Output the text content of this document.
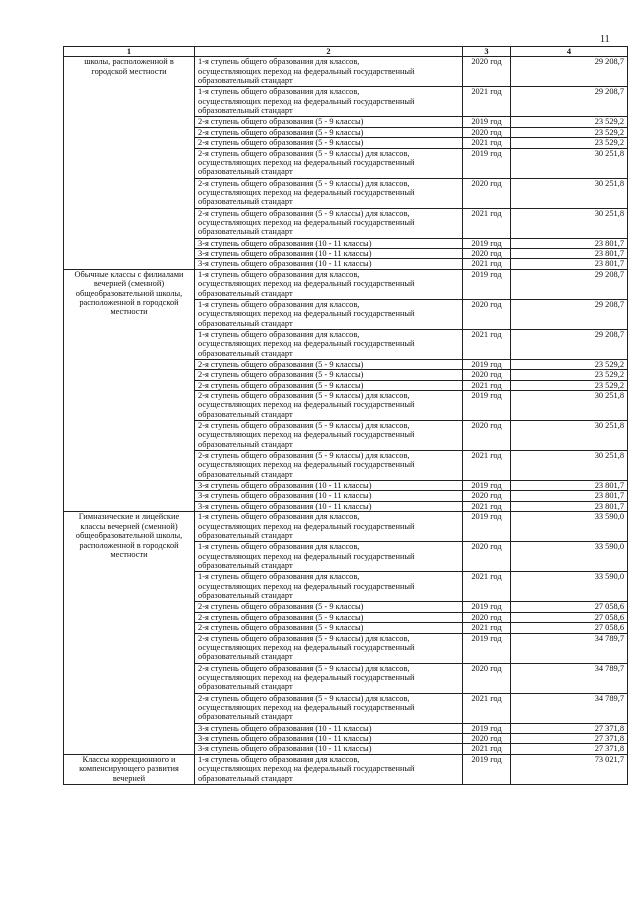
11
1	2	3	4
школы, расположенной в городской местности	1-я ступень общего образования для классов,
осуществляющих переход на федеральный государственный
образовательный стандарт	2020 год	29 208,7
	1-я ступень общего образования для классов,
осуществляющих переход на федеральный государственный
образовательный стандарт	2021 год	29 208,7
	2-я ступень общего образования (5 - 9 классы)	2019 год	23 529,2
	2-я ступень общего образования (5 - 9 классы)	2020 год	23 529,2
	2-я ступень общего образования (5 - 9 классы)	2021 год	23 529,2
	2-я ступень общего образования (5 - 9 классы) для классов,
осуществляющих переход на федеральный государственный
образовательный стандарт	2019 год	30 251,8
	2-я ступень общего образования (5 - 9 классы) для классов,
осуществляющих переход на федеральный государственный
образовательный стандарт	2020 год	30 251,8
	2-я ступень общего образования (5 - 9 классы) для классов,
осуществляющих переход на федеральный государственный
образовательный стандарт	2021 год	30 251,8
	3-я ступень общего образования (10 - 11 классы)	2019 год	23 801,7
	3-я ступень общего образования (10 - 11 классы)	2020 год	23 801,7
	3-я ступень общего образования (10 - 11 классы)	2021 год	23 801,7
Обычные классы с филиалами вечерней (сменной) общеобразовательной школы, расположенной в городской местности	1-я ступень общего образования для классов,
осуществляющих переход на федеральный государственный
образовательный стандарт	2019 год	29 208,7
	1-я ступень общего образования для классов,
осуществляющих переход на федеральный государственный
образовательный стандарт	2020 год	29 208,7
	1-я ступень общего образования для классов,
осуществляющих переход на федеральный государственный
образовательный стандарт	2021 год	29 208,7
	2-я ступень общего образования (5 - 9 классы)	2019 год	23 529,2
	2-я ступень общего образования (5 - 9 классы)	2020 год	23 529,2
	2-я ступень общего образования (5 - 9 классы)	2021 год	23 529,2
	2-я ступень общего образования (5 - 9 классы) для классов,
осуществляющих переход на федеральный государственный
образовательный стандарт	2019 год	30 251,8
	2-я ступень общего образования (5 - 9 классы) для классов,
осуществляющих переход на федеральный государственный
образовательный стандарт	2020 год	30 251,8
	2-я ступень общего образования (5 - 9 классы) для классов,
осуществляющих переход на федеральный государственный
образовательный стандарт	2021 год	30 251,8
	3-я ступень общего образования (10 - 11 классы)	2019 год	23 801,7
	3-я ступень общего образования (10 - 11 классы)	2020 год	23 801,7
	3-я ступень общего образования (10 - 11 классы)	2021 год	23 801,7
Гимназические и лицейские классы вечерней (сменной) общеобразовательной школы, расположенной в городской местности	1-я ступень общего образования для классов,
осуществляющих переход на федеральный государственный
образовательный стандарт	2019 год	33 590,0
	1-я ступень общего образования для классов,
осуществляющих переход на федеральный государственный
образовательный стандарт	2020 год	33 590,0
	1-я ступень общего образования для классов,
осуществляющих переход на федеральный государственный
образовательный стандарт	2021 год	33 590,0
	2-я ступень общего образования (5 - 9 классы)	2019 год	27 058,6
	2-я ступень общего образования (5 - 9 классы)	2020 год	27 058,6
	2-я ступень общего образования (5 - 9 классы)	2021 год	27 058,6
	2-я ступень общего образования (5 - 9 классы) для классов,
осуществляющих переход на федеральный государственный
образовательный стандарт	2019 год	34 789,7
	2-я ступень общего образования (5 - 9 классы) для классов,
осуществляющих переход на федеральный государственный
образовательный стандарт	2020 год	34 789,7
	2-я ступень общего образования (5 - 9 классы) для классов,
осуществляющих переход на федеральный государственный
образовательный стандарт	2021 год	34 789,7
	3-я ступень общего образования (10 - 11 классы)	2019 год	27 371,8
	3-я ступень общего образования (10 - 11 классы)	2020 год	27 371,8
	3-я ступень общего образования (10 - 11 классы)	2021 год	27 371,8
Классы коррекционного и компенсирующего развития вечерней	1-я ступень общего образования для классов,
осуществляющих переход на федеральный государственный
образовательный стандарт	2019 год	73 021,7
